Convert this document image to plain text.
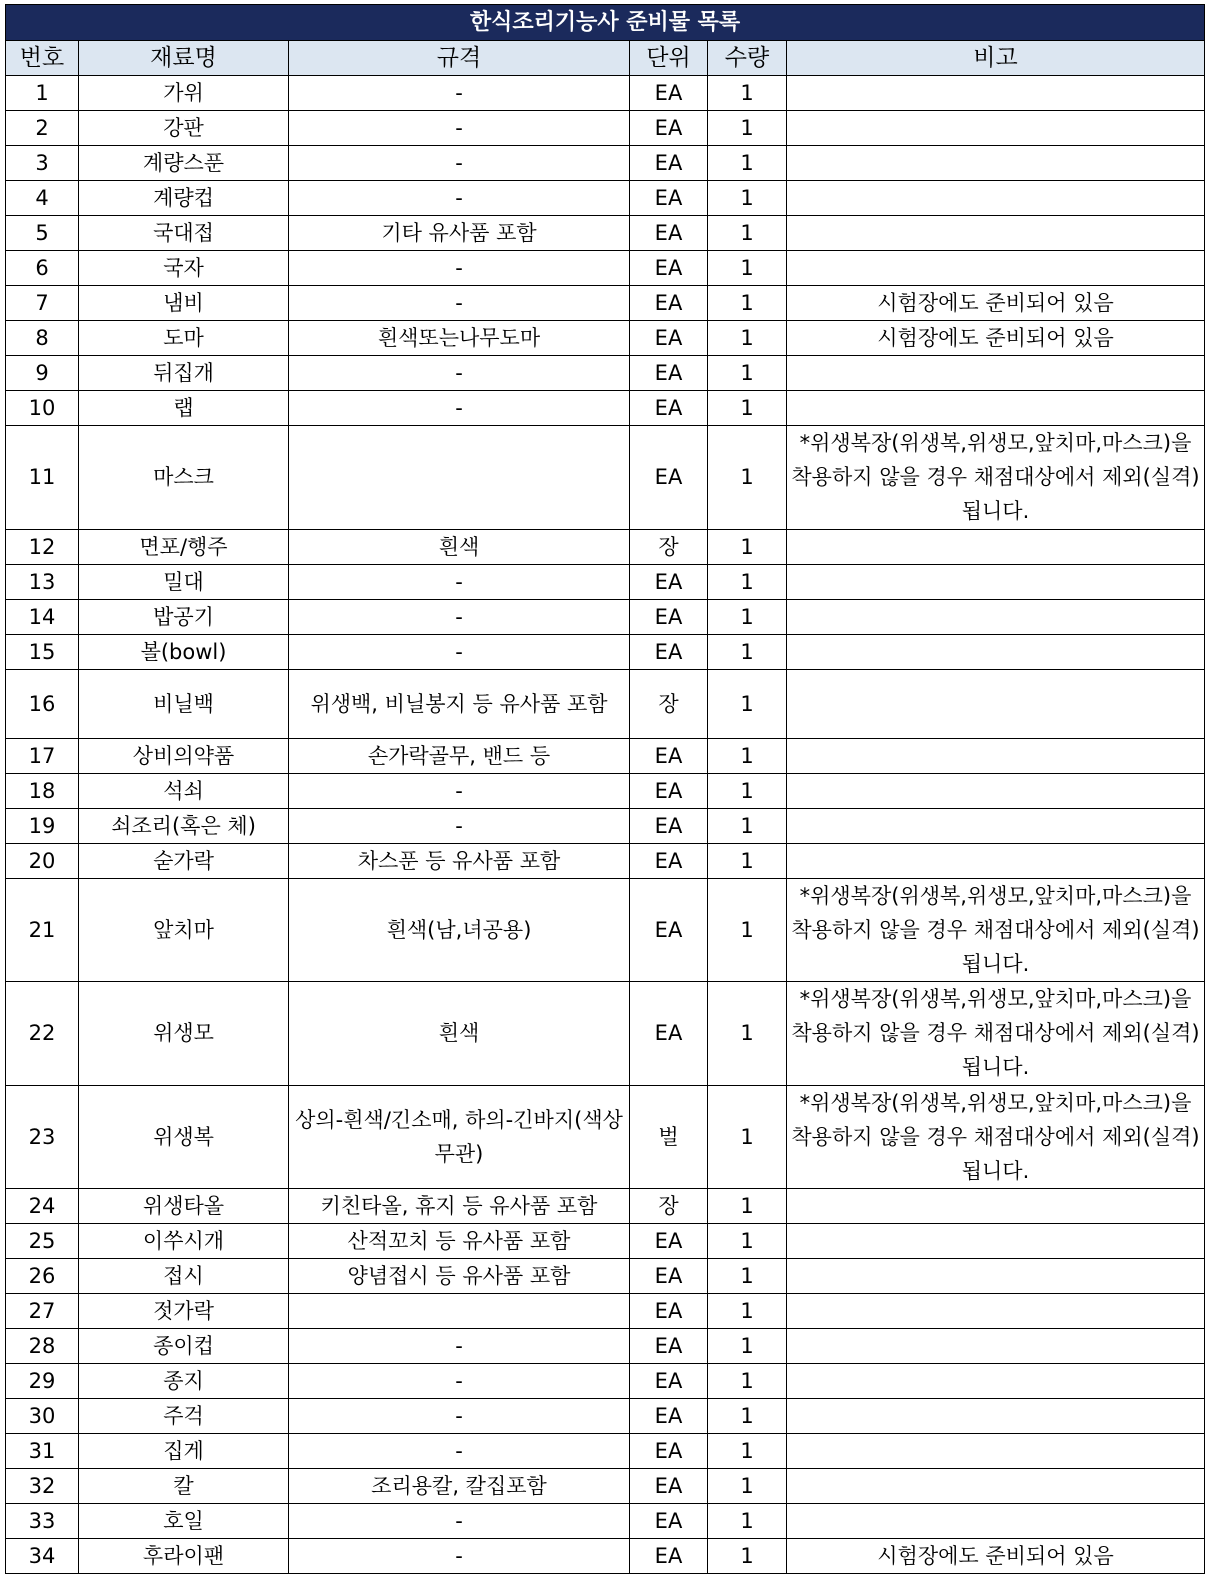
한식조리기능사 준비물 목록					
번호	재료명	규격	단위	수량	비고
1	가위	-	EA	1	
2	강판	-	EA	1	
3	계량스푼	-	EA	1	
4	계량컵	-	EA	1	
5	국대접	기타 유사품 포함	EA	1	
6	국자	-	EA	1	
7	냄비	-	EA	1	시험장에도 준비되어 있음
8	도마	흰색또는나무도마	EA	1	시험장에도 준비되어 있음
9	뒤집개	-	EA	1	
10	랩	-	EA	1	
11	마스크		EA	1	*위생복장(위생복,위생모,앞치마,마스크)을 착용하지 않을 경우 채점대상에서 제외(실격)됩니다.
12	면포/행주	흰색	장	1	
13	밀대	-	EA	1	
14	밥공기	-	EA	1	
15	볼(bowl)	-	EA	1	
16	비닐백	위생백, 비닐봉지 등 유사품 포함	장	1	
17	상비의약품	손가락골무, 밴드 등	EA	1	
18	석쇠	-	EA	1	
19	쇠조리(혹은 체)	-	EA	1	
20	숟가락	차스푼 등 유사품 포함	EA	1	
21	앞치마	흰색(남,녀공용)	EA	1	*위생복장(위생복,위생모,앞치마,마스크)을 착용하지 않을 경우 채점대상에서 제외(실격)됩니다.
22	위생모	흰색	EA	1	*위생복장(위생복,위생모,앞치마,마스크)을 착용하지 않을 경우 채점대상에서 제외(실격)됩니다.
23	위생복	상의-흰색/긴소매, 하의-긴바지(색상무관)	벌	1	*위생복장(위생복,위생모,앞치마,마스크)을 착용하지 않을 경우 채점대상에서 제외(실격)됩니다.
24	위생타올	키친타올, 휴지 등 유사품 포함	장	1	
25	이쑤시개	산적꼬치 등 유사품 포함	EA	1	
26	접시	양념접시 등 유사품 포함	EA	1	
27	젓가락		EA	1	
28	종이컵	-	EA	1	
29	종지	-	EA	1	
30	주걱	-	EA	1	
31	집게	-	EA	1	
32	칼	조리용칼, 칼집포함	EA	1	
33	호일	-	EA	1	
34	후라이팬	-	EA	1	시험장에도 준비되어 있음
